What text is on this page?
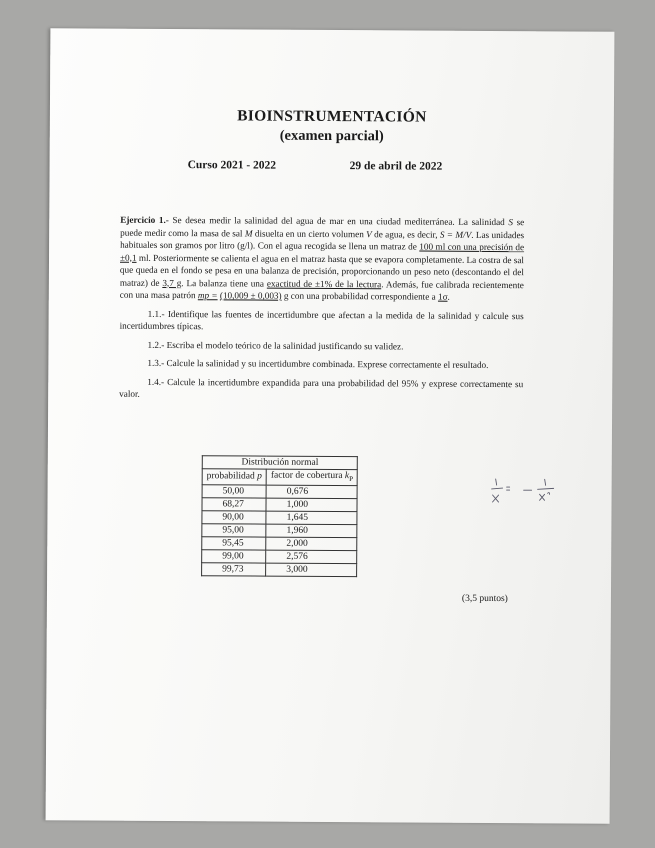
BIOINSTRUMENTACIÓN
(examen parcial)
Curso 2021 - 2022	29 de abril de 2022

Ejercicio 1.- Se desea medir la salinidad del agua de mar en una ciudad mediterránea. La salinidad S se puede medir como la masa de sal M disuelta en un cierto volumen V de agua, es decir, S = M/V. Las unidades habituales son gramos por litro (g/l). Con el agua recogida se llena un matraz de 100 ml con una precisión de ±0,1 ml. Posteriormente se calienta el agua en el matraz hasta que se evapora completamente. La costra de sal que queda en el fondo se pesa en una balanza de precisión, proporcionando un peso neto (descontando el del matraz) de 3,7 g. La balanza tiene una exactitud de ±1% de la lectura. Además, fue calibrada recientemente con una masa patrón mp = (10,009 ± 0,003) g con una probabilidad correspondiente a 1σ.

1.1.- Identifique las fuentes de incertidumbre que afectan a la medida de la salinidad y calcule sus incertidumbres típicas.

1.2.- Escriba el modelo teórico de la salinidad justificando su validez.

1.3.- Calcule la salinidad y su incertidumbre combinada. Exprese correctamente el resultado.

1.4.- Calcule la incertidumbre expandida para una probabilidad del 95% y exprese correctamente su valor.

Distribución normal	
probabilidad p	factor de cobertura $k_P$
50,00	0,676
68,27	1,000
90,00	1,645
95,00	1,960
95,45	2,000
99,00	2,576
99,73	3,000
(3,5 puntos)
